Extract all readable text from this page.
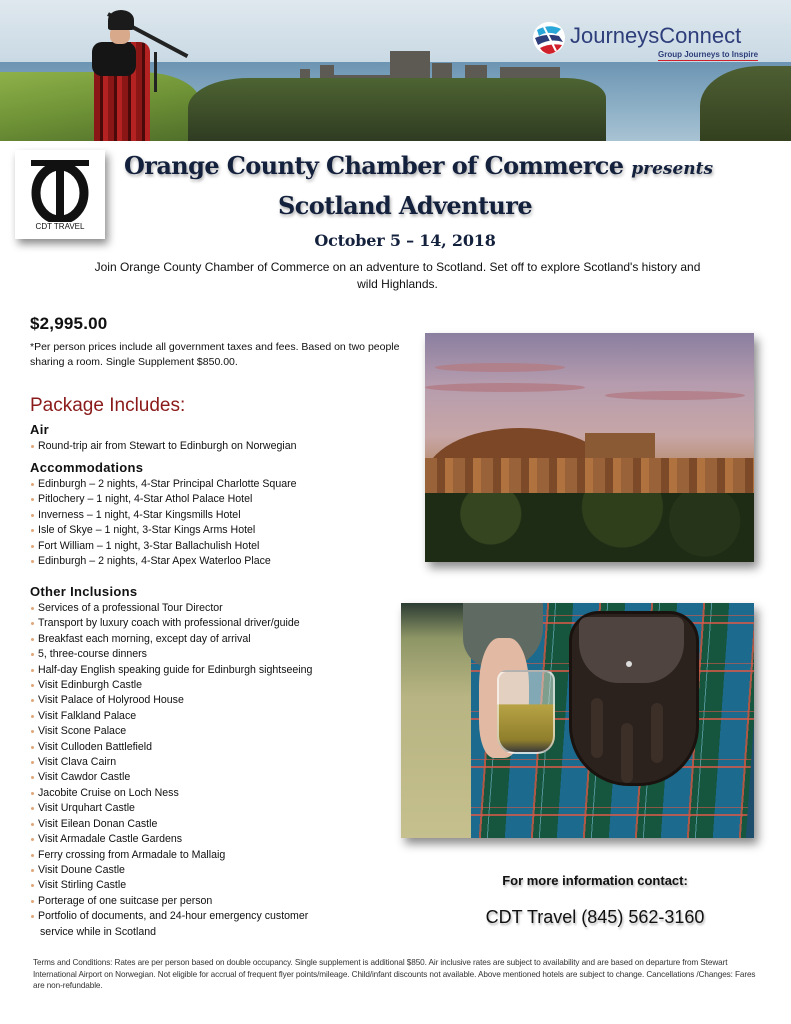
JourneysConnect
Group Journeys to Inspire
CDT TRAVEL
Orange County Chamber of Commerce presents
Scotland Adventure
October 5 – 14, 2018
Join Orange County Chamber of Commerce on an adventure to Scotland. Set off to explore Scotland's history and wild Highlands.
$2,995.00
*Per person prices include all government taxes and fees. Based on two people sharing a room. Single Supplement $850.00.
Package Includes:
Air
Round-trip air from Stewart to Edinburgh on Norwegian
Accommodations
Edinburgh – 2 nights, 4-Star Principal Charlotte Square
Pitlochery – 1 night, 4-Star Athol Palace Hotel
Inverness – 1 night, 4-Star Kingsmills Hotel
Isle of Skye – 1 night, 3-Star Kings Arms Hotel
Fort William – 1 night, 3-Star Ballachulish Hotel
Edinburgh – 2 nights, 4-Star Apex Waterloo Place
Other Inclusions
Services of a professional Tour Director
Transport by luxury coach with professional driver/guide
Breakfast each morning, except day of arrival
5, three-course dinners
Half-day English speaking guide for Edinburgh sightseeing
Visit Edinburgh Castle
Visit Palace of Holyrood House
Visit Falkland Palace
Visit Scone Palace
Visit Culloden Battlefield
Visit Clava Cairn
Visit Cawdor Castle
Jacobite Cruise on Loch Ness
Visit Urquhart Castle
Visit Eilean Donan Castle
Visit Armadale Castle Gardens
Ferry crossing from Armadale to Mallaig
Visit Doune Castle
Visit Stirling Castle
Porterage of one suitcase per person
Portfolio of documents, and 24-hour emergency customer
service while in Scotland
For more information contact:
CDT Travel (845) 562-3160
Terms and Conditions: Rates are per person based on double occupancy. Single supplement is additional $850. Air inclusive rates are subject to availability and are based on departure from Stewart International Airport on Norwegian. Not eligible for accrual of frequent flyer points/mileage. Child/infant discounts not available. Above mentioned hotels are subject to change. Cancellations /Changes: Fares are non-refundable.
